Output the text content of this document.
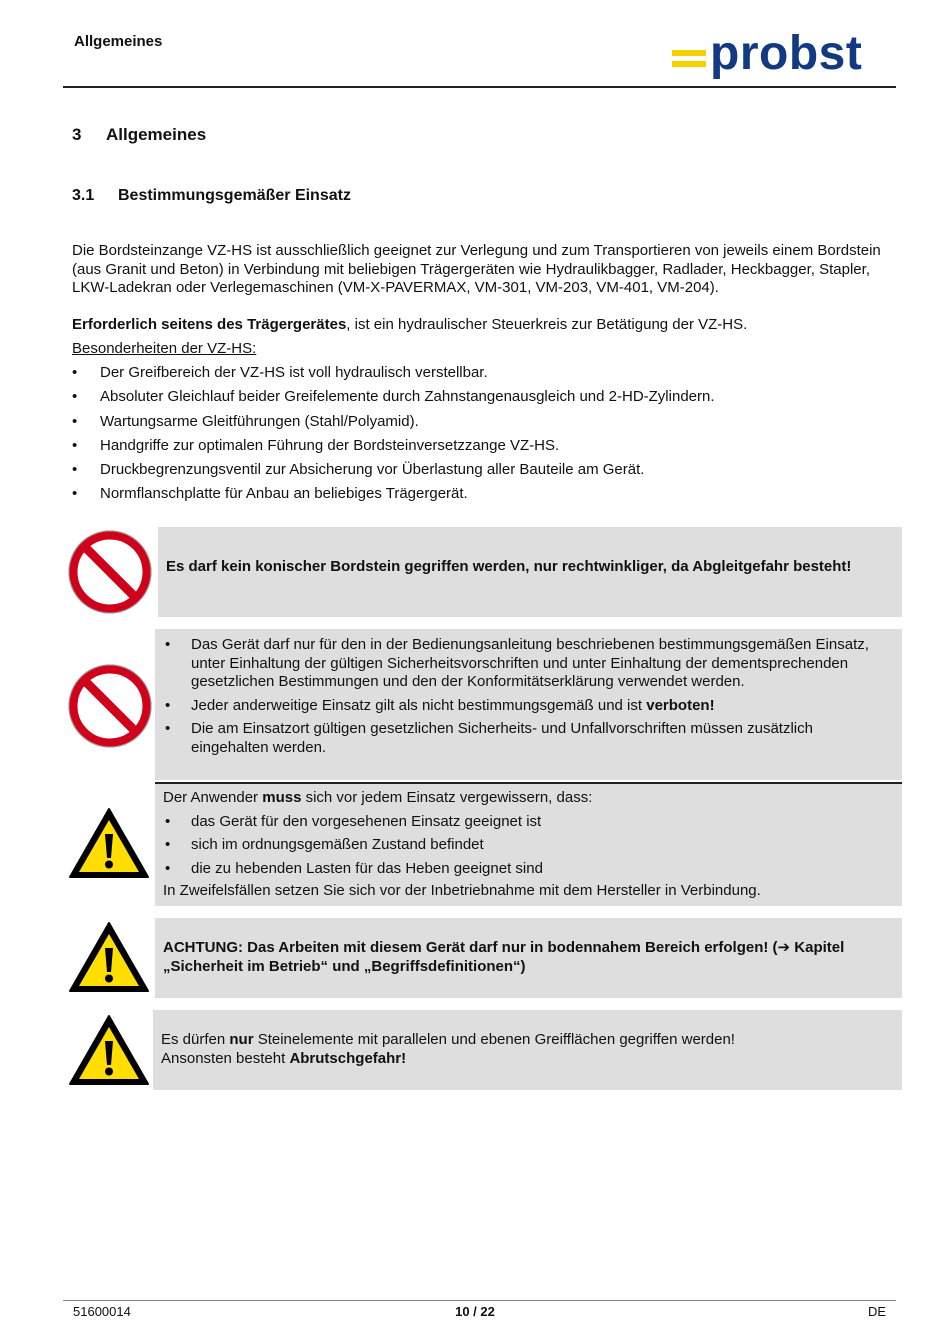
Allgemeines	probst
3 Allgemeines
3.1 Bestimmungsgemäßer Einsatz
Die Bordsteinzange VZ-HS ist ausschließlich geeignet zur Verlegung und zum Transportieren von jeweils einem Bordstein (aus Granit und Beton) in Verbindung mit beliebigen Trägergeräten wie Hydraulikbagger, Radlader, Heckbagger, Stapler, LKW-Ladekran oder Verlegemaschinen (VM-X-PAVERMAX, VM-301, VM-203, VM-401, VM-204).
Erforderlich seitens des Trägergerätes, ist ein hydraulischer Steuerkreis zur Betätigung der VZ-HS.
Besonderheiten der VZ-HS:
• Der Greifbereich der VZ-HS ist voll hydraulisch verstellbar.
• Absoluter Gleichlauf beider Greifelemente durch Zahnstangenausgleich und 2-HD-Zylindern.
• Wartungsarme Gleitführungen (Stahl/Polyamid).
• Handgriffe zur optimalen Führung der Bordsteinversetzzange VZ-HS.
• Druckbegrenzungsventil zur Absicherung vor Überlastung aller Bauteile am Gerät.
• Normflanschplatte für Anbau an beliebiges Trägergerät.
Es darf kein konischer Bordstein gegriffen werden, nur rechtwinkliger, da Abgleitgefahr besteht!
• Das Gerät darf nur für den in der Bedienungsanleitung beschriebenen bestimmungsgemäßen Einsatz, unter Einhaltung der gültigen Sicherheitsvorschriften und unter Einhaltung der dementsprechenden gesetzlichen Bestimmungen und den der Konformitätserklärung verwendet werden.
• Jeder anderweitige Einsatz gilt als nicht bestimmungsgemäß und ist verboten!
• Die am Einsatzort gültigen gesetzlichen Sicherheits- und Unfallvorschriften müssen zusätzlich eingehalten werden.
Der Anwender muss sich vor jedem Einsatz vergewissern, dass:
• das Gerät für den vorgesehenen Einsatz geeignet ist
• sich im ordnungsgemäßen Zustand befindet
• die zu hebenden Lasten für das Heben geeignet sind
In Zweifelsfällen setzen Sie sich vor der Inbetriebnahme mit dem Hersteller in Verbindung.
ACHTUNG: Das Arbeiten mit diesem Gerät darf nur in bodennahem Bereich erfolgen! (➔ Kapitel „Sicherheit im Betrieb“ und „Begriffsdefinitionen“)
Es dürfen nur Steinelemente mit parallelen und ebenen Greifflächen gegriffen werden!
Ansonsten besteht Abrutschgefahr!
51600014	10 / 22	DE
